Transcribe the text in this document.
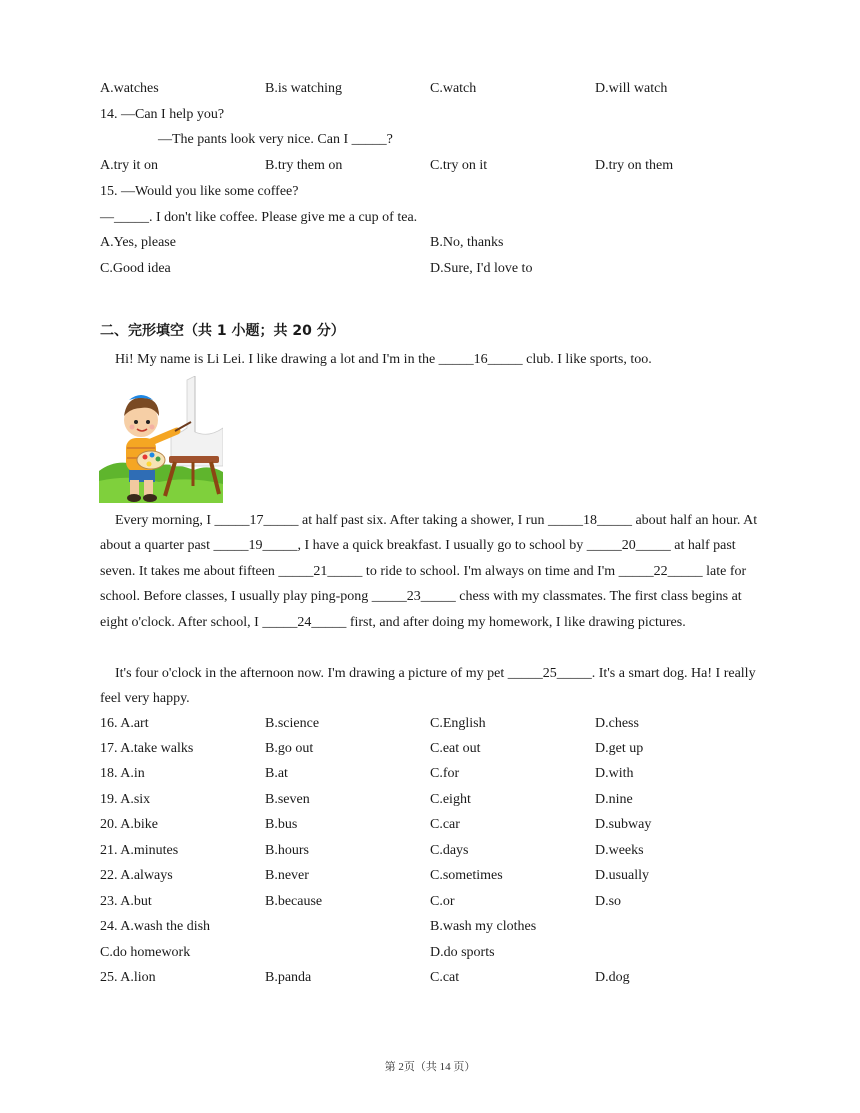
A.watches	B.is watching	C.watch	D.will watch
14. —Can I help you?
—The pants look very nice. Can I _____?
A.try it on	B.try them on	C.try on it	D.try on them
15. —Would you like some coffee?
—_____. I don't like coffee. Please give me a cup of tea.
A.Yes, please	B.No, thanks
C.Good idea	D.Sure, I'd love to
二、完形填空（共 1 小题；共 20 分）
Hi! My name is Li Lei. I like drawing a lot and I'm in the _____16_____ club. I like sports, too.
Every morning, I _____17_____ at half past six. After taking a shower, I run _____18_____ about half an hour. At about a quarter past _____19_____, I have a quick breakfast. I usually go to school by _____20_____ at half past seven. It takes me about fifteen _____21_____ to ride to school. I'm always on time and I'm _____22_____ late for school. Before classes, I usually play ping-pong _____23_____ chess with my classmates. The first class begins at eight o'clock. After school, I _____24_____ first, and after doing my homework, I like drawing pictures.
It's four o'clock in the afternoon now. I'm drawing a picture of my pet _____25_____. It's a smart dog. Ha! I really feel very happy.
16. A.art	B.science	C.English	D.chess
17. A.take walks	B.go out	C.eat out	D.get up
18. A.in	B.at	C.for	D.with
19. A.six	B.seven	C.eight	D.nine
20. A.bike	B.bus	C.car	D.subway
21. A.minutes	B.hours	C.days	D.weeks
22. A.always	B.never	C.sometimes	D.usually
23. A.but	B.because	C.or	D.so
24. A.wash the dish	B.wash my clothes
C.do homework	D.do sports
25. A.lion	B.panda	C.cat	D.dog
第 2页（共 14 页）
